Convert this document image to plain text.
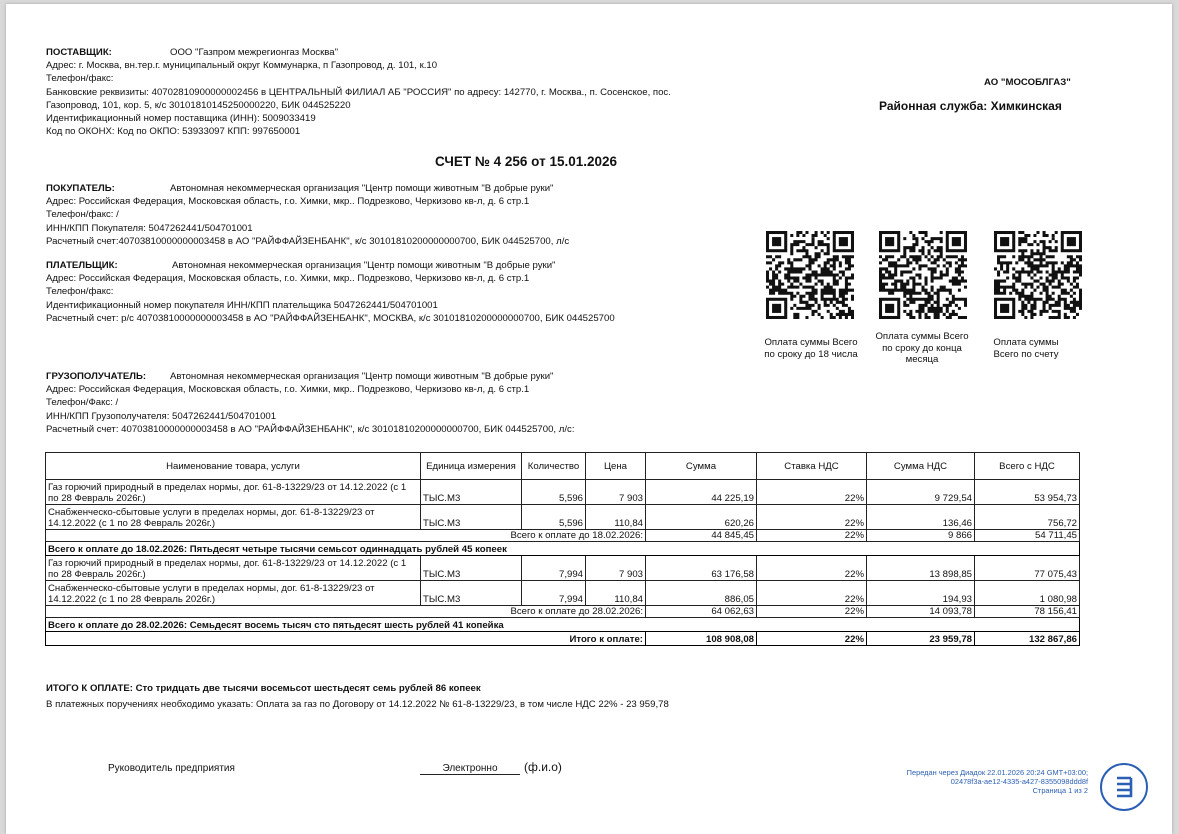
ПОСТАВЩИК:	ООО "Газпром межрегионгаз Москва"
Адрес: г. Москва, вн.тер.г. муниципальный округ Коммунарка, п Газопровод, д. 101, к.10
Телефон/факс:
Банковские реквизиты: 40702810900000002456 в ЦЕНТРАЛЬНЫЙ ФИЛИАЛ АБ "РОССИЯ" по адресу: 142770, г. Москва., п. Сосенское, пос.
Газопровод, 101, кор. 5, к/с 30101810145250000220, БИК 044525220
Идентификационный номер поставщика (ИНН): 5009033419
Код по ОКОНХ: Код по ОКПО: 53933097 КПП: 997650001
АО "МОСОБЛГАЗ"
Районная служба: Химкинская
СЧЕТ № 4 256 от 15.01.2026
ПОКУПАТЕЛЬ:	Автономная некоммерческая организация "Центр помощи животным "В добрые руки"
Адрес: Российская Федерация, Московская область, г.о. Химки, мкр.. Подрезково, Черкизово кв-л, д. 6 стр.1
Телефон/факс: /
ИНН/КПП Покупателя: 5047262441/504701001
Расчетный счет:40703810000000003458 в АО "РАЙФФАЙЗЕНБАНК", к/с 30101810200000000700, БИК 044525700, л/с
ПЛАТЕЛЬЩИК:	Автономная некоммерческая организация "Центр помощи животным "В добрые руки"
Адрес: Российская Федерация, Московская область, г.о. Химки, мкр.. Подрезково, Черкизово кв-л, д. 6 стр.1
Телефон/факс:
Идентификационный номер покупателя ИНН/КПП плательщика 5047262441/504701001
Расчетный счет: р/с 40703810000000003458 в АО "РАЙФФАЙЗЕНБАНК", МОСКВА, к/с 30101810200000000700, БИК 044525700
Оплата суммы Всего
по сроку до 18 числа
Оплата суммы Всего
по сроку до конца
месяца
Оплата суммы
Всего по счету
ГРУЗОПОЛУЧАТЕЛЬ: Автономная некоммерческая организация "Центр помощи животным "В добрые руки"
Адрес: Российская Федерация, Московская область, г.о. Химки, мкр.. Подрезково, Черкизово кв-л, д. 6 стр.1
Телефон/Факс: /
ИНН/КПП Грузополучателя: 5047262441/504701001
Расчетный счет: 40703810000000003458 в АО "РАЙФФАЙЗЕНБАНК", к/с 30101810200000000700, БИК 044525700, л/с:
Наименование товара, услуги	Единица измерения	Количество	Цена	Сумма	Ставка НДС	Сумма НДС	Всего с НДС
Газ горючий природный в пределах нормы, дог. 61-8-13229/23 от 14.12.2022 (с 1 по 28 Февраль 2026г.)	ТЫС.М3	5,596	7 903	44 225,19	22%	9 729,54	53 954,73
Снабженческо-сбытовые услуги в пределах нормы, дог. 61-8-13229/23 от 14.12.2022 (с 1 по 28 Февраль 2026г.)	ТЫС.М3	5,596	110,84	620,26	22%	136,46	756,72
Всего к оплате до 18.02.2026:				44 845,45	22%	9 866	54 711,45
Всего к оплате до 18.02.2026: Пятьдесят четыре тысячи семьсот одиннадцать рублей 45 копеек							
Газ горючий природный в пределах нормы, дог. 61-8-13229/23 от 14.12.2022 (с 1 по 28 Февраль 2026г.)	ТЫС.М3	7,994	7 903	63 176,58	22%	13 898,85	77 075,43
Снабженческо-сбытовые услуги в пределах нормы, дог. 61-8-13229/23 от 14.12.2022 (с 1 по 28 Февраль 2026г.)	ТЫС.М3	7,994	110,84	886,05	22%	194,93	1 080,98
Всего к оплате до 28.02.2026:				64 062,63	22%	14 093,78	78 156,41
Всего к оплате до 28.02.2026: Семьдесят восемь тысяч сто пятьдесят шесть рублей 41 копейка							
Итого к оплате:				108 908,08	22%	23 959,78	132 867,86
ИТОГО К ОПЛАТЕ: Сто тридцать две тысячи восемьсот шестьдесят семь рублей 86 копеек
В платежных поручениях необходимо указать: Оплата за газ по Договору от 14.12.2022 № 61-8-13229/23, в том числе НДС 22% - 23 959,78
Руководитель предприятия	Электронно	(ф.и.о)	Передан через Диадок 22.01.2026 20:24 GMT+03:00;
02478f3a-ae12-4335-a427-8355098ddd8f
Страница 1 из 2
